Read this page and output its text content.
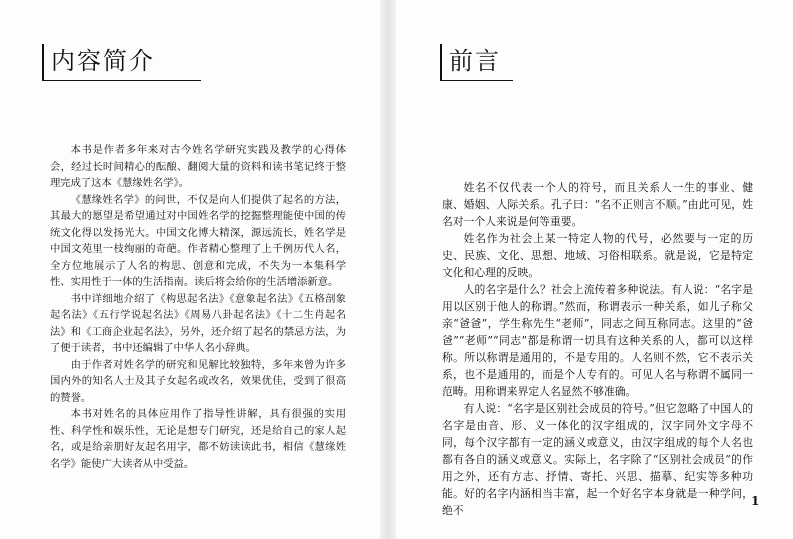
内容简介

本书是作者多年来对古今姓名学研究实践及教学的心得体会，经过长时间精心的酝酿、翻阅大量的资料和读书笔记终于整理完成了这本《慧缘姓名学》。

《慧缘姓名学》的问世，不仅是向人们提供了起名的方法，其最大的愿望是希望通过对中国姓名学的挖掘整理能使中国的传统文化得以发扬光大。中国文化博大精深，源远流长，姓名学是中国文苑里一枝绚丽的奇葩。作者精心整理了上千例历代人名，全方位地展示了人名的构思、创意和完成，不失为一本集科学性、实用性于一体的生活指南。读后将会给你的生活增添新意。

书中详细地介绍了《构思起名法》《意象起名法》《五格剖象起名法》《五行学说起名法》《周易八卦起名法》《十二生肖起名法》和《工商企业起名法》，另外，还介绍了起名的禁忌方法，为了便于读者，书中还编辑了中华人名小辞典。

由于作者对姓名学的研究和见解比较独特，多年来曾为许多国内外的知名人士及其子女起名或改名，效果优佳，受到了很高的赞誉。

本书对姓名的具体应用作了指导性讲解，具有很强的实用性、科学性和娱乐性，无论是想专门研究，还是给自己的家人起名，或是给亲朋好友起名用字，都不妨读读此书，相信《慧缘姓名学》能使广大读者从中受益。

前言

姓名不仅代表一个人的符号，而且关系人一生的事业、健康、婚姻、人际关系。孔子曰：“名不正则言不顺。”由此可见，姓名对一个人来说是何等重要。

姓名作为社会上某一特定人物的代号，必然要与一定的历史、民族、文化、思想、地域、习俗相联系。就是说，它是特定文化和心理的反映。

人的名字是什么？社会上流传着多种说法。有人说：“名字是用以区别于他人的称谓。”然而，称谓表示一种关系，如儿子称父亲“爸爸”，学生称先生“老师”，同志之间互称同志。这里的“爸爸”“老师”“同志”都是称谓一切具有这种关系的人，都可以这样称。所以称谓是通用的，不是专用的。人名则不然，它不表示关系，也不是通用的，而是个人专有的。可见人名与称谓不属同一范畴。用称谓来界定人名显然不够准确。

有人说：“名字是区别社会成员的符号。”但它忽略了中国人的名字是由音、形、义一体化的汉字组成的，汉字同外文字母不同，每个汉字都有一定的涵义或意义，由汉字组成的每个人名也都有各自的涵义或意义。实际上，名字除了“区别社会成员”的作用之外，还有方志、抒情、寄托、兴思、描摹、纪实等多种功能。好的名字内涵相当丰富，起一个好名字本身就是一种学问，绝不

1
